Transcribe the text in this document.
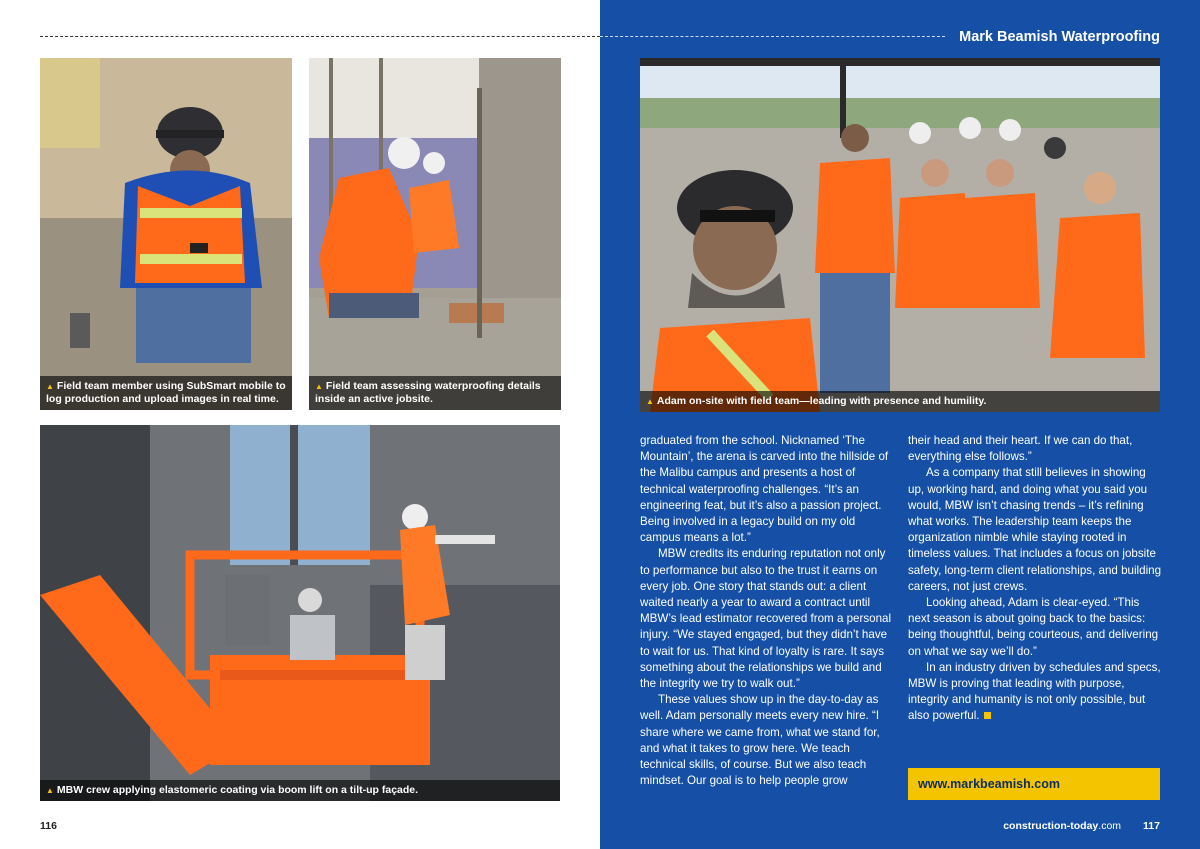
Mark Beamish Waterproofing
▲ Field team member using SubSmart mobile to log production and upload images in real time.
▲ Field team assessing waterproofing details inside an active jobsite.
▲ MBW crew applying elastomeric coating via boom lift on a tilt-up façade.
▲ Adam on-site with field team—leading with presence and humility.

graduated from the school. Nicknamed ‘The Mountain’, the arena is carved into the hillside of the Malibu campus and presents a host of technical waterproofing challenges. “It’s an engineering feat, but it’s also a passion project. Being involved in a legacy build on my old campus means a lot.”

MBW credits its enduring reputation not only to performance but also to the trust it earns on every job. One story that stands out: a client waited nearly a year to award a contract until MBW’s lead estimator recovered from a personal injury. “We stayed engaged, but they didn’t have to wait for us. That kind of loyalty is rare. It says something about the relationships we build and the integrity we try to walk out.”

These values show up in the day-to-day as well. Adam personally meets every new hire. “I share where we came from, what we stand for, and what it takes to grow here. We teach technical skills, of course. But we also teach mindset. Our goal is to help people grow

their head and their heart. If we can do that, everything else follows.”

As a company that still believes in showing up, working hard, and doing what you said you would, MBW isn’t chasing trends – it’s refining what works. The leadership team keeps the organization nimble while staying rooted in timeless values. That includes a focus on jobsite safety, long-term client relationships, and building careers, not just crews.

Looking ahead, Adam is clear-eyed. “This next season is about going back to the basics: being thoughtful, being courteous, and delivering on what we say we’ll do.”

In an industry driven by schedules and specs, MBW is proving that leading with purpose, integrity and humanity is not only possible, but also powerful.

www.markbeamish.com
116	construction-today.com 117
